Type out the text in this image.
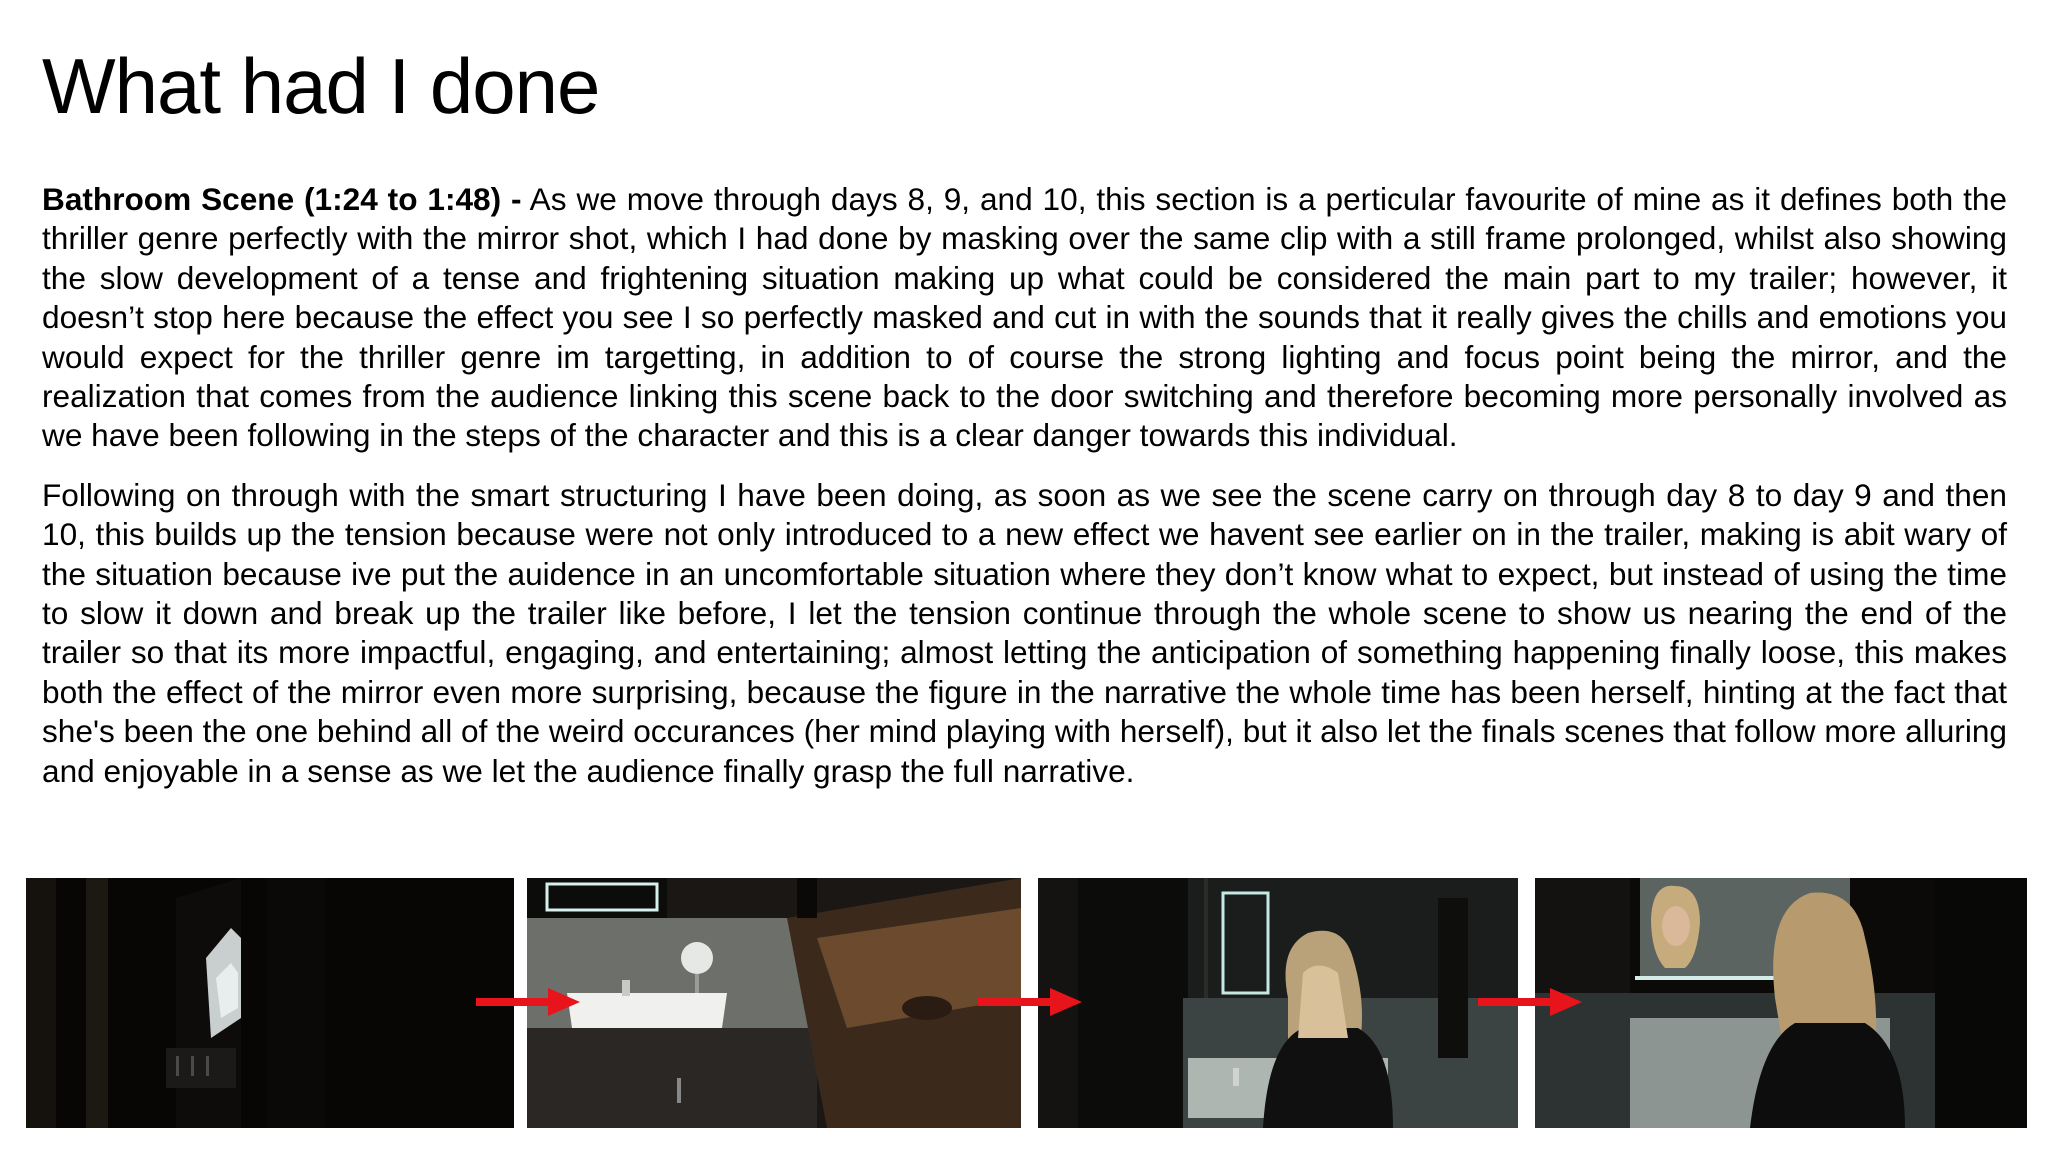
What had I done

Bathroom Scene (1:24 to 1:48) - As we move through days 8, 9, and 10, this section is a perticular favourite of mine as it defines both the thriller genre perfectly with the mirror shot, which I had done by masking over the same clip with a still frame prolonged, whilst also showing the slow development of a tense and frightening situation making up what could be considered the main part to my trailer; however, it doesn’t stop here because the effect you see I so perfectly masked and cut in with the sounds that it really gives the chills and emotions you would expect for the thriller genre im targetting, in addition to of course the strong lighting and focus point being the mirror, and the realization that comes from the audience linking this scene back to the door switching and therefore becoming more personally involved as we have been following in the steps of the character and this is a clear danger towards this individual.

Following on through with the smart structuring I have been doing, as soon as we see the scene carry on through day 8 to day 9 and then 10, this builds up the tension because were not only introduced to a new effect we havent see earlier on in the trailer, making is abit wary of the situation because ive put the auidence in an uncomfortable situation where they don’t know what to expect, but instead of using the time to slow it down and break up the trailer like before, I let the tension continue through the whole scene to show us nearing the end of the trailer so that its more impactful, engaging, and entertaining; almost letting the anticipation of something happening finally loose, this makes both the effect of the mirror even more surprising, because the figure in the narrative the whole time has been herself, hinting at the fact that she's been the one behind all of the weird occurances (her mind playing with herself), but it also let the finals scenes that follow more alluring and enjoyable in a sense as we let the audience finally grasp the full narrative.
